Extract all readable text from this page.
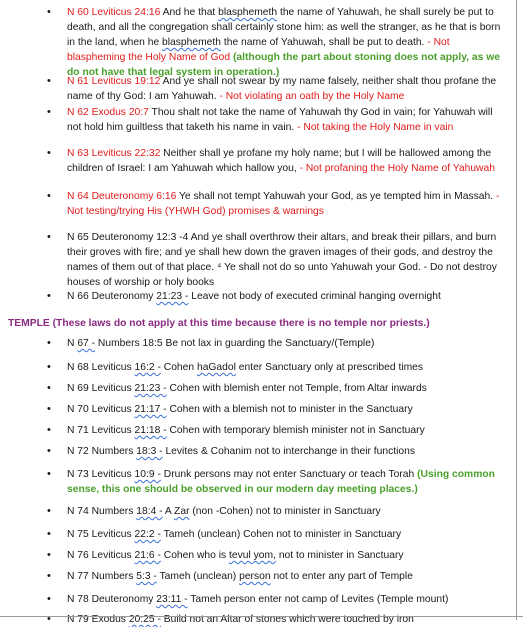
• N 60 Leviticus 24:16 And he that blasphemeth the name of Yahuwah, he shall surely be put to death, and all the congregation shall certainly stone him: as well the stranger, as he that is born in the land, when he blasphemeth the name of Yahuwah, shall be put to death. - Not blaspheming the Holy Name of God (although the part about stoning does not apply, as we do not have that legal system in operation.)
• N 61 Leviticus 19:12 And ye shall not swear by my name falsely, neither shalt thou profane the name of thy God: I am Yahuwah. - Not violating an oath by the Holy Name
• N 62 Exodus 20:7 Thou shalt not take the name of Yahuwah thy God in vain; for Yahuwah will not hold him guiltless that taketh his name in vain. - Not taking the Holy Name in vain
• N 63 Leviticus 22:32 Neither shall ye profane my holy name; but I will be hallowed among the children of Israel: I am Yahuwah which hallow you, - Not profaning the Holy Name of Yahuwah
• N 64 Deuteronomy 6:16 Ye shall not tempt Yahuwah your God, as ye tempted him in Massah. - Not testing/trying His (YHWH God) promises & warnings
• N 65 Deuteronomy 12:3 -4 And ye shall overthrow their altars, and break their pillars, and burn their groves with fire; and ye shall hew down the graven images of their gods, and destroy the names of them out of that place. ⁴ Ye shall not do so unto Yahuwah your God. - Do not destroy houses of worship or holy books
• N 66 Deuteronomy 21:23 - Leave not body of executed criminal hanging overnight
TEMPLE (These laws do not apply at this time because there is no temple nor priests.)
• N 67 - Numbers 18:5 Be not lax in guarding the Sanctuary/(Temple)
• N 68 Leviticus 16:2 - Cohen haGadol enter Sanctuary only at prescribed times
• N 69 Leviticus 21:23 - Cohen with blemish enter not Temple, from Altar inwards
• N 70 Leviticus 21:17 - Cohen with a blemish not to minister in the Sanctuary
• N 71 Leviticus 21:18 - Cohen with temporary blemish minister not in Sanctuary
• N 72 Numbers 18:3 - Levites & Cohanim not to interchange in their functions
• N 73 Leviticus 10:9 - Drunk persons may not enter Sanctuary or teach Torah (Using common sense, this one should be observed in our modern day meeting places.)
• N 74 Numbers 18:4 - A Zar (non -Cohen) not to minister in Sanctuary
• N 75 Leviticus 22:2 - Tameh (unclean) Cohen not to minister in Sanctuary
• N 76 Leviticus 21:6 - Cohen who is tevul yom, not to minister in Sanctuary
• N 77 Numbers 5:3 - Tameh (unclean) person not to enter any part of Temple
• N 78 Deuteronomy 23:11 - Tameh person enter not camp of Levites (Temple mount)
• N 79 Exodus 20:25 - Build not an Altar of stones which were touched by iron
